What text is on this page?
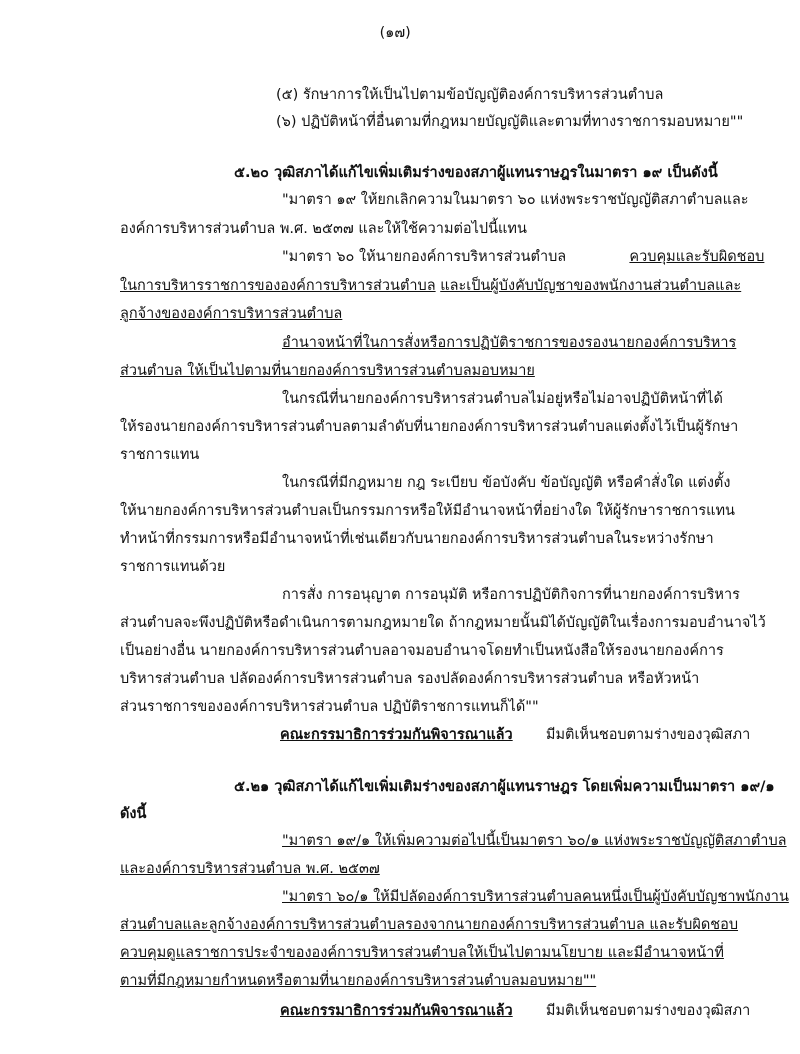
(๑๗)
(๕) รักษาการให้เป็นไปตามข้อบัญญัติองค์การบริหารส่วนตำบล
(๖) ปฏิบัติหน้าที่อื่นตามที่กฎหมายบัญญัติและตามที่ทางราชการมอบหมาย""
๕.๒๐ วุฒิสภาได้แก้ไขเพิ่มเติมร่างของสภาผู้แทนราษฎรในมาตรา ๑๙ เป็นดังนี้
"มาตรา ๑๙ ให้ยกเลิกความในมาตรา ๖๐ แห่งพระราชบัญญัติสภาตำบลและ
องค์การบริหารส่วนตำบล พ.ศ. ๒๕๓๗ และให้ใช้ความต่อไปนี้แทน
"มาตรา ๖๐ ให้นายกองค์การบริหารส่วนตำบล	ควบคุมและรับผิดชอบ
ในการบริหารราชการขององค์การบริหารส่วนตำบล และเป็นผู้บังคับบัญชาของพนักงานส่วนตำบลและ
ลูกจ้างขององค์การบริหารส่วนตำบล
อำนาจหน้าที่ในการสั่งหรือการปฏิบัติราชการของรองนายกองค์การบริหาร
ส่วนตำบล ให้เป็นไปตามที่นายกองค์การบริหารส่วนตำบลมอบหมาย
ในกรณีที่นายกองค์การบริหารส่วนตำบลไม่อยู่หรือไม่อาจปฏิบัติหน้าที่ได้
ให้รองนายกองค์การบริหารส่วนตำบลตามลำดับที่นายกองค์การบริหารส่วนตำบลแต่งตั้งไว้เป็นผู้รักษา
ราชการแทน
ในกรณีที่มีกฎหมาย กฎ ระเบียบ ข้อบังคับ ข้อบัญญัติ หรือคำสั่งใด แต่งตั้ง
ให้นายกองค์การบริหารส่วนตำบลเป็นกรรมการหรือให้มีอำนาจหน้าที่อย่างใด ให้ผู้รักษาราชการแทน
ทำหน้าที่กรรมการหรือมีอำนาจหน้าที่เช่นเดียวกับนายกองค์การบริหารส่วนตำบลในระหว่างรักษา
ราชการแทนด้วย
การสั่ง การอนุญาต การอนุมัติ หรือการปฏิบัติกิจการที่นายกองค์การบริหาร
ส่วนตำบลจะพึงปฏิบัติหรือดำเนินการตามกฎหมายใด ถ้ากฎหมายนั้นมิได้บัญญัติในเรื่องการมอบอำนาจไว้
เป็นอย่างอื่น นายกองค์การบริหารส่วนตำบลอาจมอบอำนาจโดยทำเป็นหนังสือให้รองนายกองค์การ
บริหารส่วนตำบล ปลัดองค์การบริหารส่วนตำบล รองปลัดองค์การบริหารส่วนตำบล หรือหัวหน้า
ส่วนราชการขององค์การบริหารส่วนตำบล ปฏิบัติราชการแทนก็ได้""
คณะกรรมาธิการร่วมกันพิจารณาแล้ว มีมติเห็นชอบตามร่างของวุฒิสภา
๕.๒๑ วุฒิสภาได้แก้ไขเพิ่มเติมร่างของสภาผู้แทนราษฎร โดยเพิ่มความเป็นมาตรา ๑๙/๑
ดังนี้
"มาตรา ๑๙/๑ ให้เพิ่มความต่อไปนี้เป็นมาตรา ๖๐/๑ แห่งพระราชบัญญัติสภาตำบล
และองค์การบริหารส่วนตำบล พ.ศ. ๒๕๓๗
"มาตรา ๖๐/๑ ให้มีปลัดองค์การบริหารส่วนตำบลคนหนึ่งเป็นผู้บังคับบัญชาพนักงาน
ส่วนตำบลและลูกจ้างองค์การบริหารส่วนตำบลรองจากนายกองค์การบริหารส่วนตำบล และรับผิดชอบ
ควบคุมดูแลราชการประจำขององค์การบริหารส่วนตำบลให้เป็นไปตามนโยบาย และมีอำนาจหน้าที่
ตามที่มีกฎหมายกำหนดหรือตามที่นายกองค์การบริหารส่วนตำบลมอบหมาย""
คณะกรรมาธิการร่วมกันพิจารณาแล้ว มีมติเห็นชอบตามร่างของวุฒิสภา
